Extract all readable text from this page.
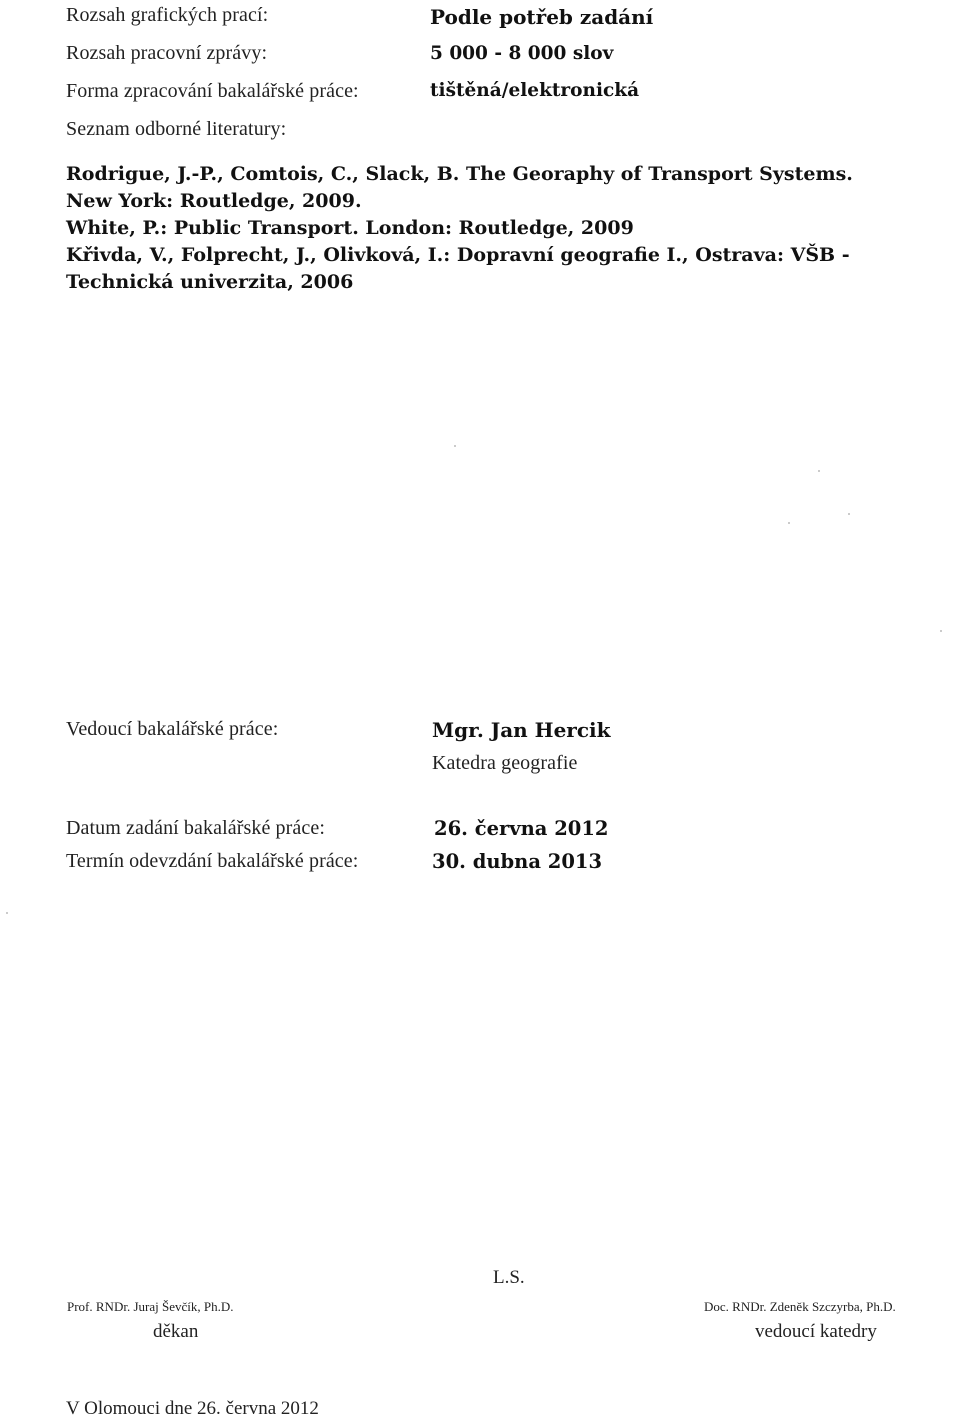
Rozsah grafických prací:	Podle potřeb zadání
Rozsah pracovní zprávy:	5 000 - 8 000 slov
Forma zpracování bakalářské práce:	tištěná/elektronická
Seznam odborné literatury:
Rodrigue, J.-P., Comtois, C., Slack, B. The Georaphy of Transport Systems.
New York: Routledge, 2009.
White, P.: Public Transport. London: Routledge, 2009
Křivda, V., Folprecht, J., Olivková, I.: Dopravní geografie I., Ostrava: VŠB -
Technická univerzita, 2006
Vedoucí bakalářské práce:	Mgr. Jan Hercik
Katedra geografie
Datum zadání bakalářské práce:	26. června 2012
Termín odevzdání bakalářské práce:	30. dubna 2013
L.S.
Prof. RNDr. Juraj Ševčík, Ph.D.
děkan
Doc. RNDr. Zdeněk Szczyrba, Ph.D.
vedoucí katedry
V Olomouci dne 26. června 2012
